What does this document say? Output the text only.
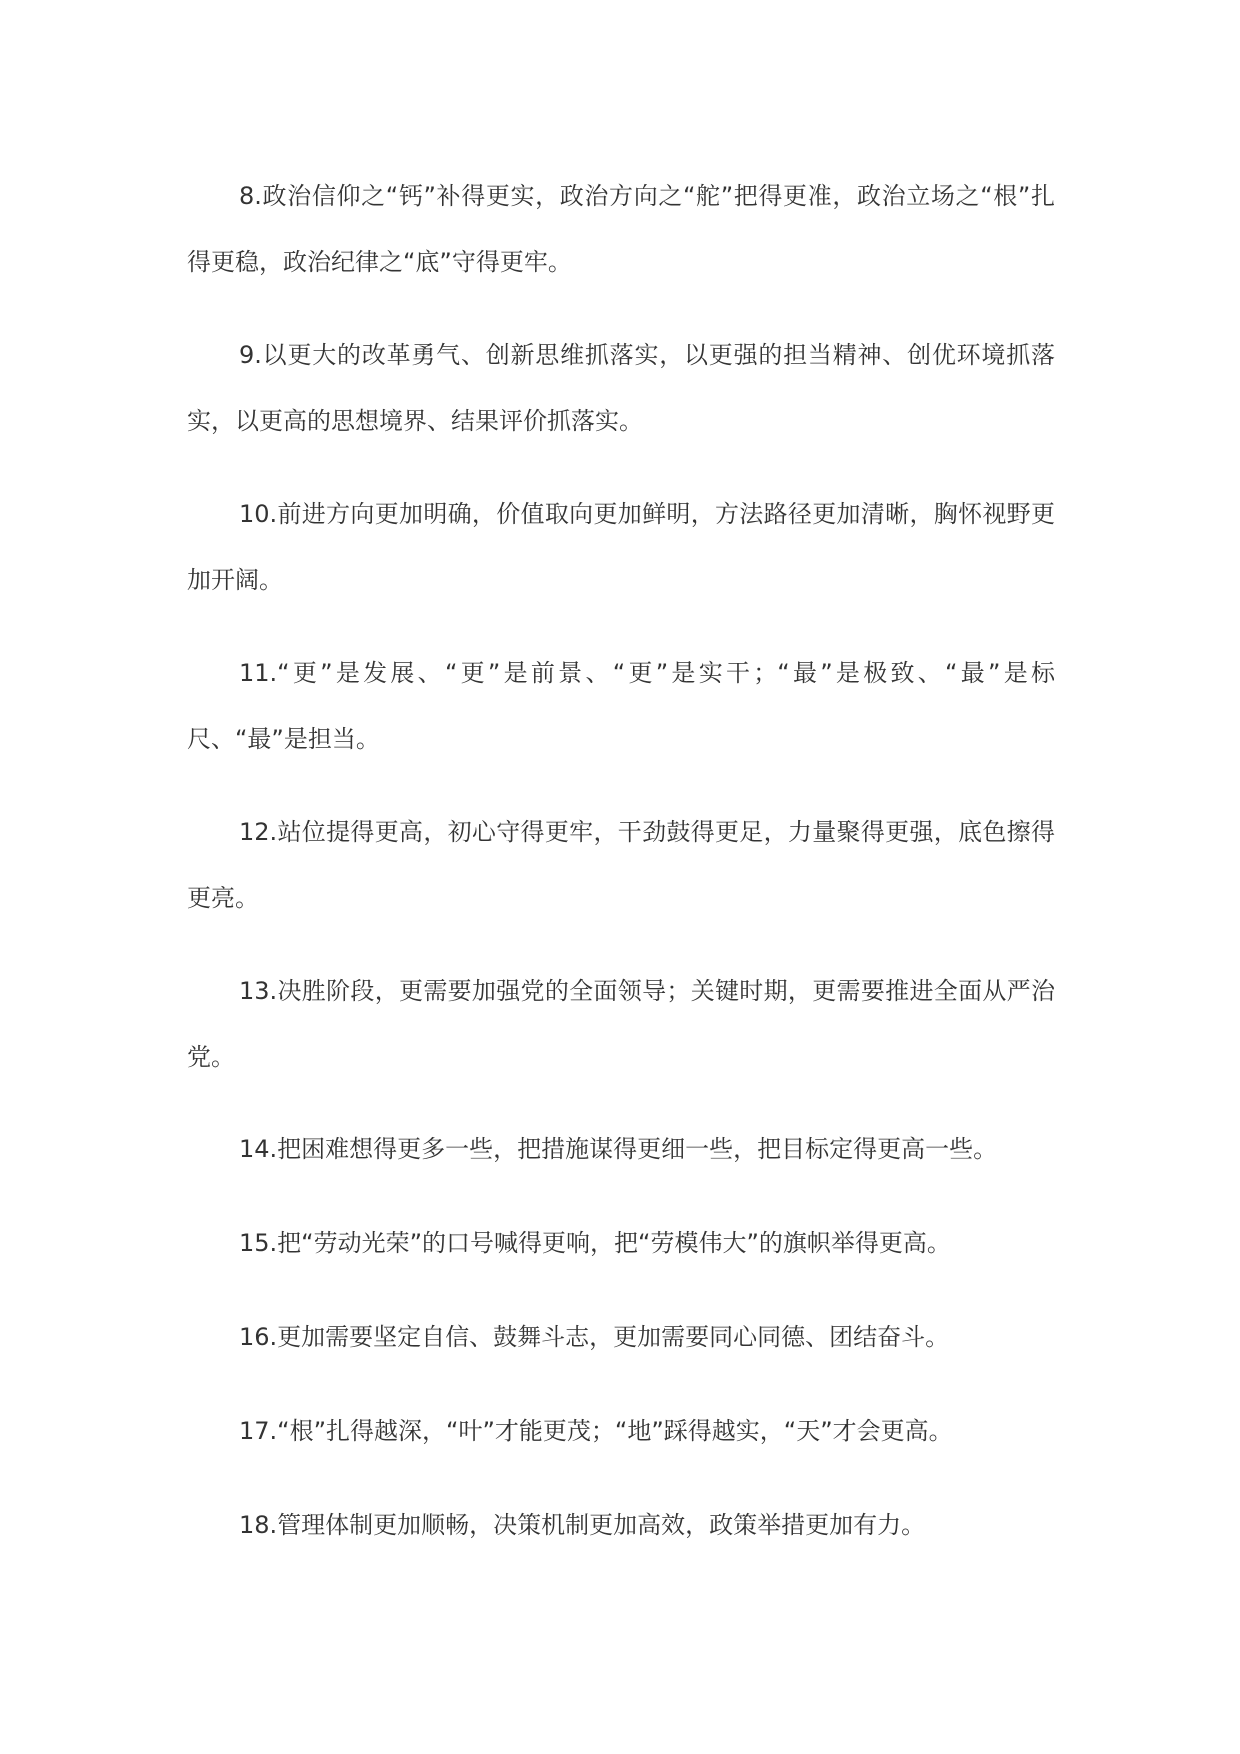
8.政治信仰之“钙”补得更实，政治方向之“舵”把得更准，政治立场之“根”扎得更稳，政治纪律之“底”守得更牢。

9.以更大的改革勇气、创新思维抓落实，以更强的担当精神、创优环境抓落实，以更高的思想境界、结果评价抓落实。

10.前进方向更加明确，价值取向更加鲜明，方法路径更加清晰，胸怀视野更加开阔。

11.“更”是发展、“更”是前景、“更”是实干；“最”是极致、“最”是标尺、“最”是担当。

12.站位提得更高，初心守得更牢，干劲鼓得更足，力量聚得更强，底色擦得更亮。

13.决胜阶段，更需要加强党的全面领导；关键时期，更需要推进全面从严治党。

14.把困难想得更多一些，把措施谋得更细一些，把目标定得更高一些。

15.把“劳动光荣”的口号喊得更响，把“劳模伟大”的旗帜举得更高。

16.更加需要坚定自信、鼓舞斗志，更加需要同心同德、团结奋斗。

17.“根”扎得越深，“叶”才能更茂；“地”踩得越实，“天”才会更高。

18.管理体制更加顺畅，决策机制更加高效，政策举措更加有力。
